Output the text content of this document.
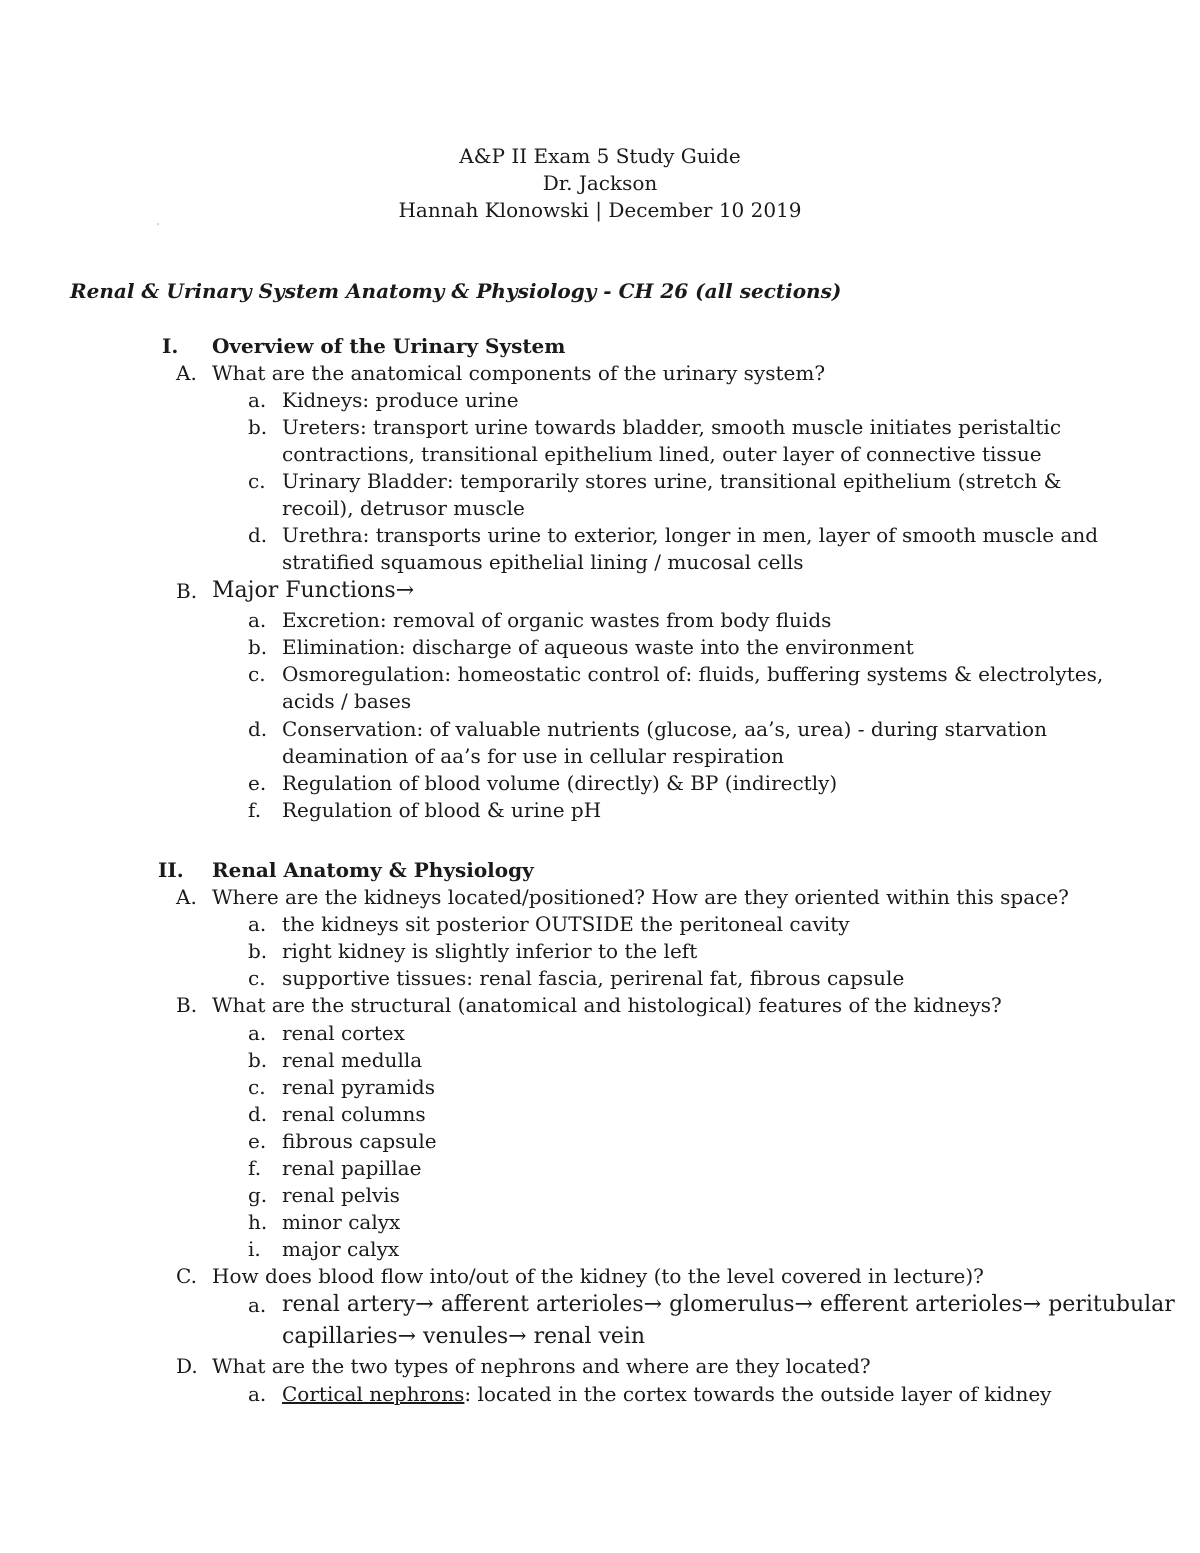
A&P II Exam 5 Study Guide
Dr. Jackson
Hannah Klonowski | December 10 2019
'
Renal & Urinary System Anatomy & Physiology - CH 26 (all sections)
I. Overview of the Urinary System
A. What are the anatomical components of the urinary system?
a. Kidneys: produce urine
b. Ureters: transport urine towards bladder, smooth muscle initiates peristaltic
contractions, transitional epithelium lined, outer layer of connective tissue
c. Urinary Bladder: temporarily stores urine, transitional epithelium (stretch &
recoil), detrusor muscle
d. Urethra: transports urine to exterior, longer in men, layer of smooth muscle and
stratified squamous epithelial lining / mucosal cells
B. Major Functions→
a. Excretion: removal of organic wastes from body fluids
b. Elimination: discharge of aqueous waste into the environment
c. Osmoregulation: homeostatic control of: fluids, buffering systems & electrolytes,
acids / bases
d. Conservation: of valuable nutrients (glucose, aa’s, urea) - during starvation
deamination of aa’s for use in cellular respiration
e. Regulation of blood volume (directly) & BP (indirectly)
f. Regulation of blood & urine pH
II. Renal Anatomy & Physiology
A. Where are the kidneys located/positioned? How are they oriented within this space?
a. the kidneys sit posterior OUTSIDE the peritoneal cavity
b. right kidney is slightly inferior to the left
c. supportive tissues: renal fascia, perirenal fat, fibrous capsule
B. What are the structural (anatomical and histological) features of the kidneys?
a. renal cortex
b. renal medulla
c. renal pyramids
d. renal columns
e. fibrous capsule
f. renal papillae
g. renal pelvis
h. minor calyx
i. major calyx
C. How does blood flow into/out of the kidney (to the level covered in lecture)?
a. renal artery→ afferent arterioles→ glomerulus→ efferent arterioles→ peritubular
capillaries→ venules→ renal vein
D. What are the two types of nephrons and where are they located?
a. Cortical nephrons: located in the cortex towards the outside layer of kidney
